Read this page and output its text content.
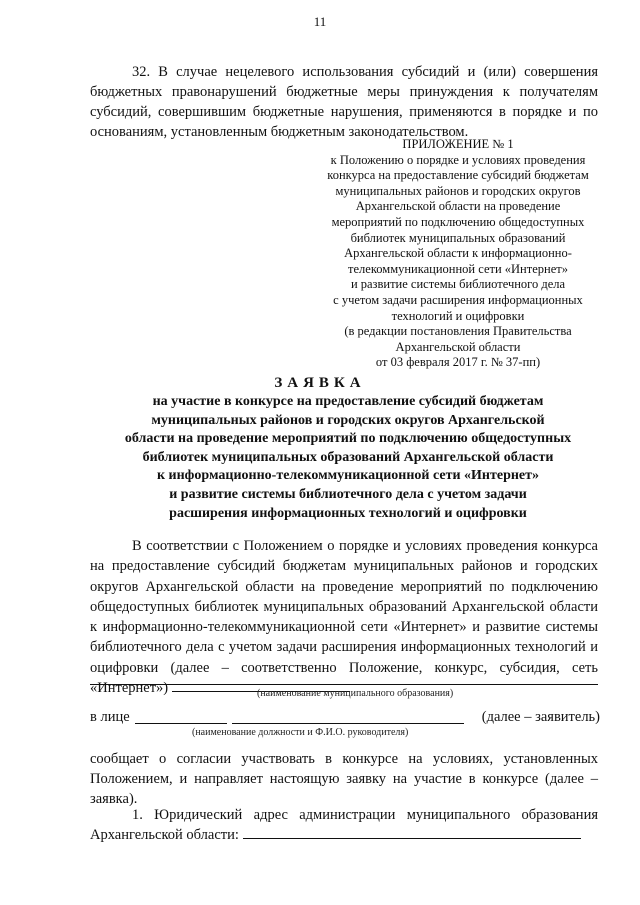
11
32. В случае нецелевого использования субсидий и (или) совершения бюджетных правонарушений бюджетные меры принуждения к получателям субсидий, совершившим бюджетные нарушения, применяются в порядке и по основаниям, установленным бюджетным законодательством.
ПРИЛОЖЕНИЕ № 1
к Положению о порядке и условиях проведения
конкурса на предоставление субсидий бюджетам
муниципальных районов и городских округов
Архангельской области на проведение
мероприятий по подключению общедоступных
библиотек муниципальных образований
Архангельской области к информационно-
телекоммуникационной сети «Интернет»
и развитие системы библиотечного дела
с учетом задачи расширения информационных
технологий и оцифровки
(в редакции постановления Правительства
Архангельской области
от 03 февраля 2017 г. № 37-пп)
ЗАЯВКА
на участие в конкурсе на предоставление субсидий бюджетам
муниципальных районов и городских округов Архангельской
области на проведение мероприятий по подключению общедоступных
библиотек муниципальных образований Архангельской области
к информационно-телекоммуникационной сети «Интернет»
и развитие системы библиотечного дела с учетом задачи
расширения информационных технологий и оцифровки
В соответствии с Положением о порядке и условиях проведения конкурса на предоставление субсидий бюджетам муниципальных районов и городских округов Архангельской области на проведение мероприятий по подключению общедоступных библиотек муниципальных образований Архангельской области к информационно-телекоммуникационной сети «Интернет» и развитие системы библиотечного дела с учетом задачи расширения информационных технологий и оцифровки (далее – соответственно Положение, конкурс, субсидия, сеть «Интернет»)	(наименование муниципального образования)
в лице	(далее – заявитель)
(наименование должности и Ф.И.О. руководителя)
сообщает о согласии участвовать в конкурсе на условиях, установленных Положением, и направляет настоящую заявку на участие в конкурсе (далее – заявка).
1. Юридический адрес администрации муниципального образования Архангельской области:
